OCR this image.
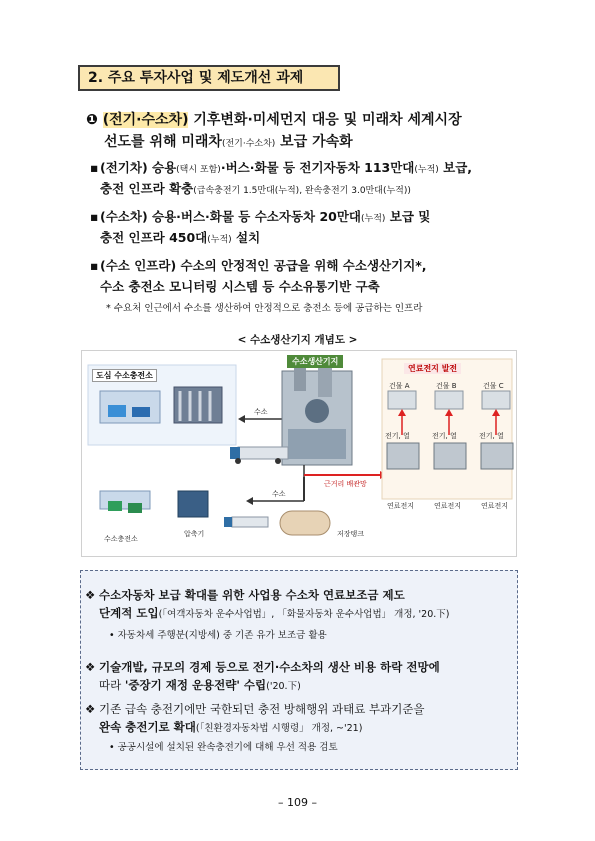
2. 주요 투자사업 및 제도개선 과제
❶ (전기·수소차) 기후변화·미세먼지 대응 및 미래차 세계시장
선도를 위해 미래차(전기·수소차) 보급 가속화
▪ (전기차) 승용(택시 포함)·버스·화물 등 전기자동차 113만대(누적) 보급,
충전 인프라 확충(급속충전기 1.5만대(누적), 완속충전기 3.0만대(누적))
▪ (수소차) 승용·버스·화물 등 수소자동차 20만대(누적) 보급 및
충전 인프라 450대(누적) 설치
▪ (수소 인프라) 수소의 안정적인 공급을 위해 수소생산기지*,
수소 충전소 모니터링 시스템 등 수소유통기반 구축
* 수요처 인근에서 수소를 생산하여 안정적으로 충전소 등에 공급하는 인프라
< 수소생산기지 개념도 >
도심 수소충전소
수소생산기지
연료전지 발전
수소
수소
건물 A	건물 B	건물 C
전기, 열	전기, 열	전기, 열
근거리 배관망
연료전지	연료전지	연료전지
수소충전소
압축기	저장탱크
❖ 수소자동차 보급 확대를 위한 사업용 수소차 연료보조금 제도
단계적 도입(「여객자동차 운수사업법」, 「화물자동차 운수사업법」 개정, '20.下)
• 자동차세 주행분(지방세) 중 기존 유가 보조금 활용
❖ 기술개발, 규모의 경제 등으로 전기·수소차의 생산 비용 하락 전망에
따라 '중장기 재정 운용전략' 수립('20.下)
❖ 기존 급속 충전기에만 국한되던 충전 방해행위 과태료 부과기준을
완속 충전기로 확대(「친환경자동차법 시행령」 개정, ~'21)
• 공공시설에 설치된 완속충전기에 대해 우선 적용 검토
– 109 –
